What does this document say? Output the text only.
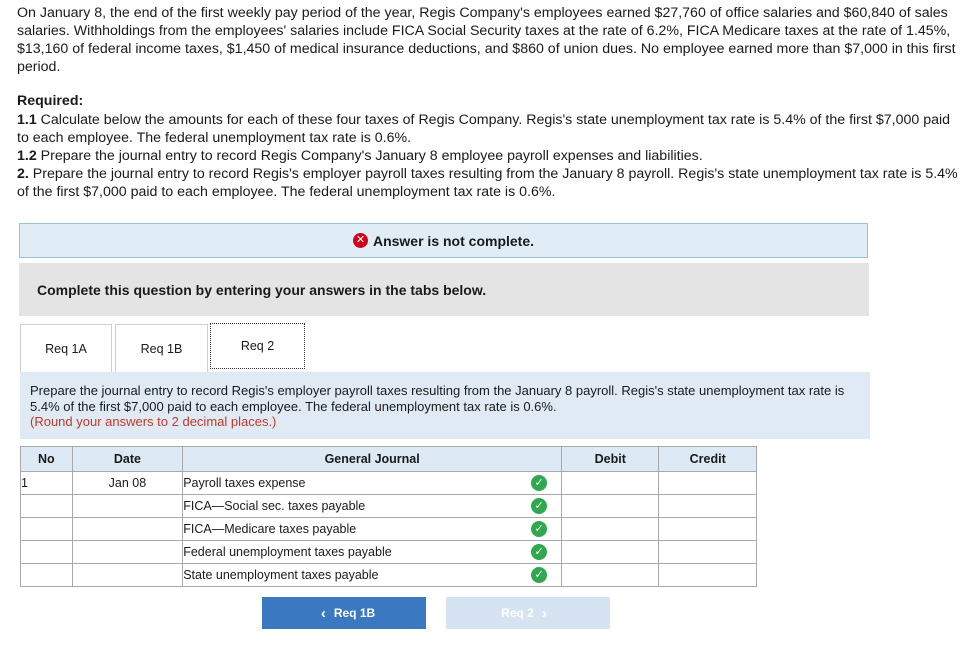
On January 8, the end of the first weekly pay period of the year, Regis Company's employees earned $27,760 of office salaries and $60,840 of sales salaries. Withholdings from the employees' salaries include FICA Social Security taxes at the rate of 6.2%, FICA Medicare taxes at the rate of 1.45%, $13,160 of federal income taxes, $1,450 of medical insurance deductions, and $860 of union dues. No employee earned more than $7,000 in this first period.

Required:

1.1 Calculate below the amounts for each of these four taxes of Regis Company. Regis's state unemployment tax rate is 5.4% of the first $7,000 paid to each employee. The federal unemployment tax rate is 0.6%.
1.2 Prepare the journal entry to record Regis Company's January 8 employee payroll expenses and liabilities.
2. Prepare the journal entry to record Regis's employer payroll taxes resulting from the January 8 payroll. Regis's state unemployment tax rate is 5.4% of the first $7,000 paid to each employee. The federal unemployment tax rate is 0.6%.
✕ Answer is not complete.
Complete this question by entering your answers in the tabs below.
Req 1A	Req 1B	Req 2
Prepare the journal entry to record Regis's employer payroll taxes resulting from the January 8 payroll. Regis's state unemployment tax rate is 5.4% of the first $7,000 paid to each employee. The federal unemployment tax rate is 0.6%.
(Round your answers to 2 decimal places.)
No	Date	General Journal	Debit	Credit
1	Jan 08	Payroll taxes expense ✓		

		FICA—Social sec. taxes payable ✓		

		FICA—Medicare taxes payable ✓		

		Federal unemployment taxes payable ✓		

		State unemployment taxes payable ✓		

‹ Req 1B	Req 2 ›
